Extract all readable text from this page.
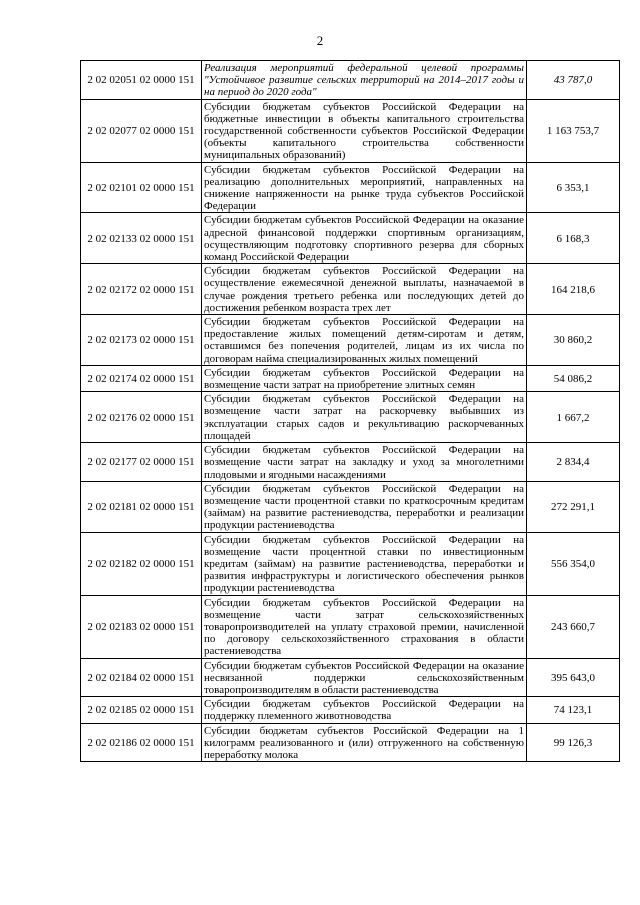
2
2 02 02051 02 0000 151	Реализация мероприятий федеральной целевой программы "Устойчивое развитие сельских территорий на 2014–2017 годы и на период до 2020 года"	43 787,0
2 02 02077 02 0000 151	Субсидии бюджетам субъектов Российской Федерации на бюджетные инвестиции в объекты капитального строительства государственной собственности субъектов Российской Федерации (объекты капитального строительства собственности муниципальных образований)	1 163 753,7
2 02 02101 02 0000 151	Субсидии бюджетам субъектов Российской Федерации на реализацию дополнительных мероприятий, направленных на снижение напряженности на рынке труда субъектов Российской Федерации	6 353,1
2 02 02133 02 0000 151	Субсидии бюджетам субъектов Российской Федерации на оказание адресной финансовой поддержки спортивным организациям, осуществляющим подготовку спортивного резерва для сборных команд Российской Федерации	6 168,3
2 02 02172 02 0000 151	Субсидии бюджетам субъектов Российской Федерации на осуществление ежемесячной денежной выплаты, назначаемой в случае рождения третьего ребенка или последующих детей до достижения ребенком возраста трех лет	164 218,6
2 02 02173 02 0000 151	Субсидии бюджетам субъектов Российской Федерации на предоставление жилых помещений детям-сиротам и детям, оставшимся без попечения родителей, лицам из их числа по договорам найма специализированных жилых помещений	30 860,2
2 02 02174 02 0000 151	Субсидии бюджетам субъектов Российской Федерации на возмещение части затрат на приобретение элитных семян	54 086,2
2 02 02176 02 0000 151	Субсидии бюджетам субъектов Российской Федерации на возмещение части затрат на раскорчевку выбывших из эксплуатации старых садов и рекультивацию раскорчеванных площадей	1 667,2
2 02 02177 02 0000 151	Субсидии бюджетам субъектов Российской Федерации на возмещение части затрат на закладку и уход за многолетними плодовыми и ягодными насаждениями	2 834,4
2 02 02181 02 0000 151	Субсидии бюджетам субъектов Российской Федерации на возмещение части процентной ставки по краткосрочным кредитам (займам) на развитие растениеводства, переработки и реализации продукции растениеводства	272 291,1
2 02 02182 02 0000 151	Субсидии бюджетам субъектов Российской Федерации на возмещение части процентной ставки по инвестиционным кредитам (займам) на развитие растениеводства, переработки и развития инфраструктуры и логистического обеспечения рынков продукции растениеводства	556 354,0
2 02 02183 02 0000 151	Субсидии бюджетам субъектов Российской Федерации на возмещение части затрат сельскохозяйственных товаропроизводителей на уплату страховой премии, начисленной по договору сельскохозяйственного страхования в области растениеводства	243 660,7
2 02 02184 02 0000 151	Субсидии бюджетам субъектов Российской Федерации на оказание несвязанной поддержки сельскохозяйственным товаропроизводителям в области растениеводства	395 643,0
2 02 02185 02 0000 151	Субсидии бюджетам субъектов Российской Федерации на поддержку племенного животноводства	74 123,1
2 02 02186 02 0000 151	Субсидии бюджетам субъектов Российской Федерации на 1 килограмм реализованного и (или) отгруженного на собственную переработку молока	99 126,3
